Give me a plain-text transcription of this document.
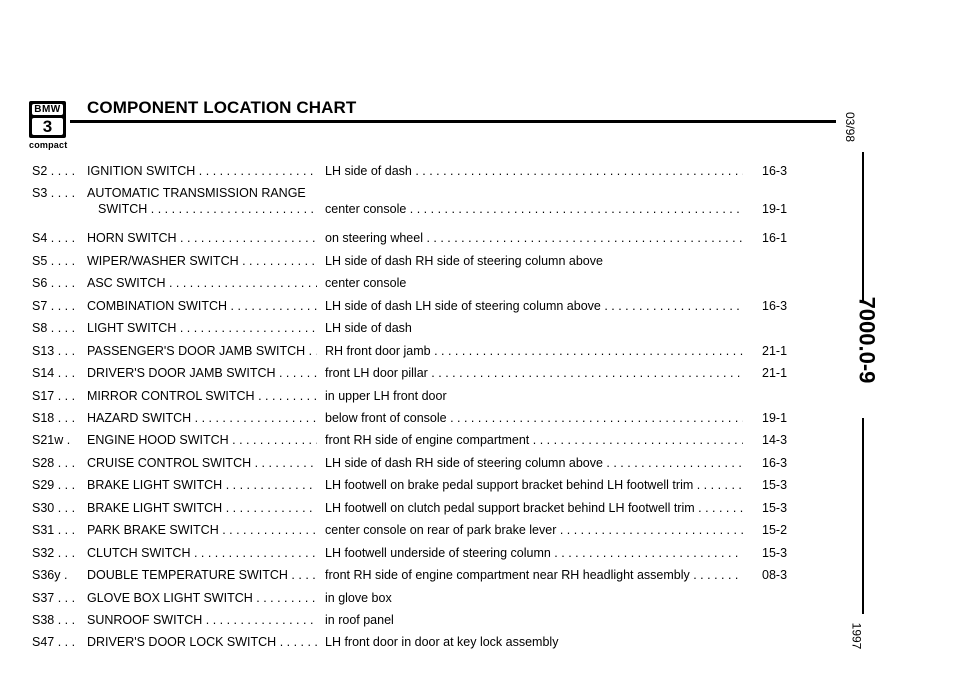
BMW
3
compact
COMPONENT LOCATION CHART
S2 . . . . IGNITION SWITCH . . .	LH side of dash . . .	16-3
S3 . . . . AUTOMATIC TRANSMISSION RANGE
SWITCH . . .	center console . . .	19-1
S4 . . . . HORN SWITCH . . .	on steering wheel . . .	16-1
S5 . . . . WIPER/WASHER SWITCH . . .	LH side of dash RH side of steering column above
S6 . . . . ASC SWITCH . . .	center console
S7 . . . . COMBINATION SWITCH . . .	LH side of dash LH side of steering column above . . .	16-3
S8 . . . . LIGHT SWITCH . . .	LH side of dash
S13 . . . PASSENGER'S DOOR JAMB SWITCH . . .	RH front door jamb . . .	21-1
S14 . . . DRIVER'S DOOR JAMB SWITCH . . .	front LH door pillar . . .	21-1
S17 . . . MIRROR CONTROL SWITCH . . .	in upper LH front door
S18 . . . HAZARD SWITCH . . .	below front of console . . .	19-1
S21w .	ENGINE HOOD SWITCH . . .	front RH side of engine compartment . . .	14-3
S28 . . . CRUISE CONTROL SWITCH . . .	LH side of dash RH side of steering column above . . .	16-3
S29 . . . BRAKE LIGHT SWITCH . . .	LH footwell on brake pedal support bracket behind LH footwell trim . . .	15-3
S30 . . . BRAKE LIGHT SWITCH . . .	LH footwell on clutch pedal support bracket behind LH footwell trim . . .	15-3
S31 . . . PARK BRAKE SWITCH . . .	center console on rear of park brake lever . . .	15-2
S32 . . . CLUTCH SWITCH . . .	LH footwell underside of steering column . . .	15-3
S36y .	DOUBLE TEMPERATURE SWITCH . . .	front RH side of engine compartment near RH headlight assembly . . .	08-3
S37 . . . GLOVE BOX LIGHT SWITCH . . .	in glove box
S38 . . . SUNROOF SWITCH . . .	in roof panel
S47 . . . DRIVER'S DOOR LOCK SWITCH . . .	LH front door in door at key lock assembly
03/98
7000.0-9
1997
